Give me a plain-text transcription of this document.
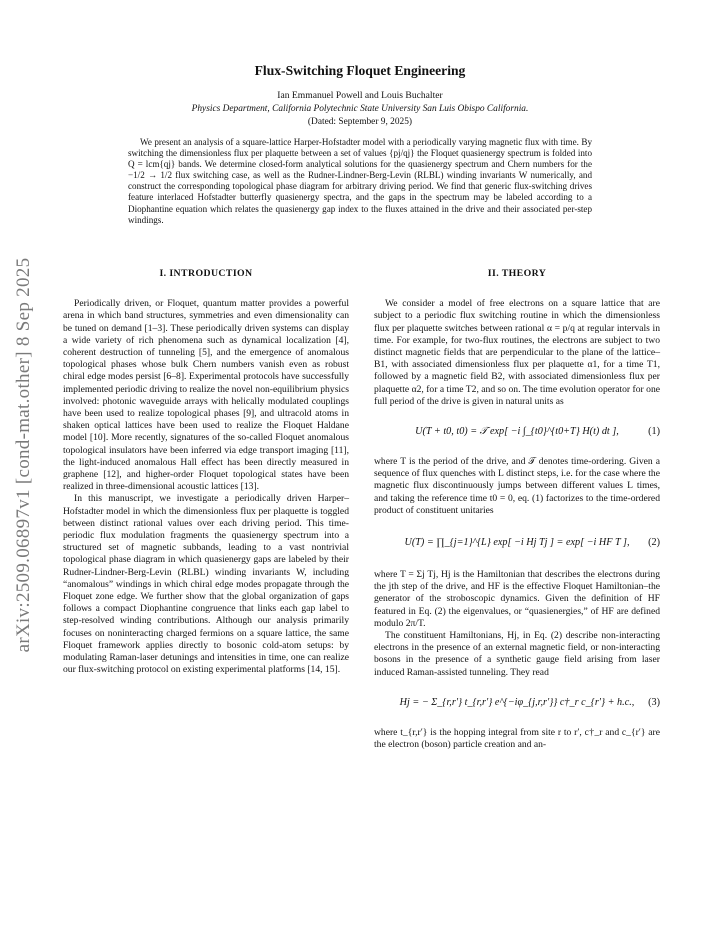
arXiv:2509.06897v1 [cond-mat.other] 8 Sep 2025
Flux-Switching Floquet Engineering
Ian Emmanuel Powell and Louis Buchalter
Physics Department, California Polytechnic State University San Luis Obispo California.
(Dated: September 9, 2025)
We present an analysis of a square-lattice Harper-Hofstadter model with a periodically varying magnetic flux with time. By switching the dimensionless flux per plaquette between a set of values {pj/qj} the Floquet quasienergy spectrum is folded into Q = lcm{qj} bands. We determine closed-form analytical solutions for the quasienergy spectrum and Chern numbers for the −1/2 → 1/2 flux switching case, as well as the Rudner-Lindner-Berg-Levin (RLBL) winding invariants W numerically, and construct the corresponding topological phase diagram for arbitrary driving period. We find that generic flux-switching drives feature interlaced Hofstadter butterfly quasienergy spectra, and the gaps in the spectrum may be labeled according to a Diophantine equation which relates the quasienergy gap index to the fluxes attained in the drive and their associated per-step windings.
I. INTRODUCTION

Periodically driven, or Floquet, quantum matter provides a powerful arena in which band structures, symmetries and even dimensionality can be tuned on demand [1–3]. These periodically driven systems can display a wide variety of rich phenomena such as dynamical localization [4], coherent destruction of tunneling [5], and the emergence of anomalous topological phases whose bulk Chern numbers vanish even as robust chiral edge modes persist [6–8]. Experimental protocols have successfully implemented periodic driving to realize the novel non-equilibrium physics involved: photonic waveguide arrays with helically modulated couplings have been used to realize topological phases [9], and ultracold atoms in shaken optical lattices have been used to realize the Floquet Haldane model [10]. More recently, signatures of the so-called Floquet anomalous topological insulators have been inferred via edge transport imaging [11], the light-induced anomalous Hall effect has been directly measured in graphene [12], and higher-order Floquet topological states have been realized in three-dimensional acoustic lattices [13].

In this manuscript, we investigate a periodically driven Harper–Hofstadter model in which the dimensionless flux per plaquette is toggled between distinct rational values over each driving period. This time-periodic flux modulation fragments the quasienergy spectrum into a structured set of magnetic subbands, leading to a vast nontrivial topological phase diagram in which quasienergy gaps are labeled by their Rudner-Lindner-Berg-Levin (RLBL) winding invariants W, including “anomalous” windings in which chiral edge modes propagate through the Floquet zone edge. We further show that the global organization of gaps follows a compact Diophantine congruence that links each gap label to step-resolved winding contributions. Although our analysis primarily focuses on noninteracting charged fermions on a square lattice, the same Floquet framework applies directly to bosonic cold-atom setups: by modulating Raman-laser detunings and intensities in time, one can realize our flux-switching protocol on existing experimental platforms [14, 15].

II. THEORY

We consider a model of free electrons on a square lattice that are subject to a periodic flux switching routine in which the dimensionless flux per plaquette switches between rational α = p/q at regular intervals in time. For example, for two-flux routines, the electrons are subject to two distinct magnetic fields that are perpendicular to the plane of the lattice–B1, with associated dimensionless flux per plaquette α1, for a time T1, followed by a magnetic field B2, with associated dimensionless flux per plaquette α2, for a time T2, and so on. The time evolution operator for one full period of the drive is given in natural units as

U(T + t0, t0) = 𝒯 exp[ −i ∫_{t0}^{t0+T} H(t) dt ],	(1)

where T is the period of the drive, and 𝒯 denotes time-ordering. Given a sequence of flux quenches with L distinct steps, i.e. for the case where the magnetic flux discontinuously jumps between different values L times, and taking the reference time t0 = 0, eq. (1) factorizes to the time-ordered product of constituent unitaries

U(T) = ∏_{j=1}^{L} exp[ −i Hj Tj ] = exp[ −i HF T ], (2)

where T = Σj Tj, Hj is the Hamiltonian that describes the electrons during the jth step of the drive, and HF is the effective Floquet Hamiltonian–the generator of the stroboscopic dynamics. Given the definition of HF featured in Eq. (2) the eigenvalues, or “quasienergies,” of HF are defined modulo 2π/T.

The constituent Hamiltonians, Hj, in Eq. (2) describe non-interacting electrons in the presence of an external magnetic field, or non-interacting bosons in the presence of a synthetic gauge field arising from laser induced Raman-assisted tunneling. They read

Hj = − Σ_{r,r′} t_{r,r′} e^{−iφ_{j,r,r′}} c†_r c_{r′} + h.c., (3)

where t_{r,r′} is the hopping integral from site r to r′, c†_r and c_{r′} are the electron (boson) particle creation and an-
